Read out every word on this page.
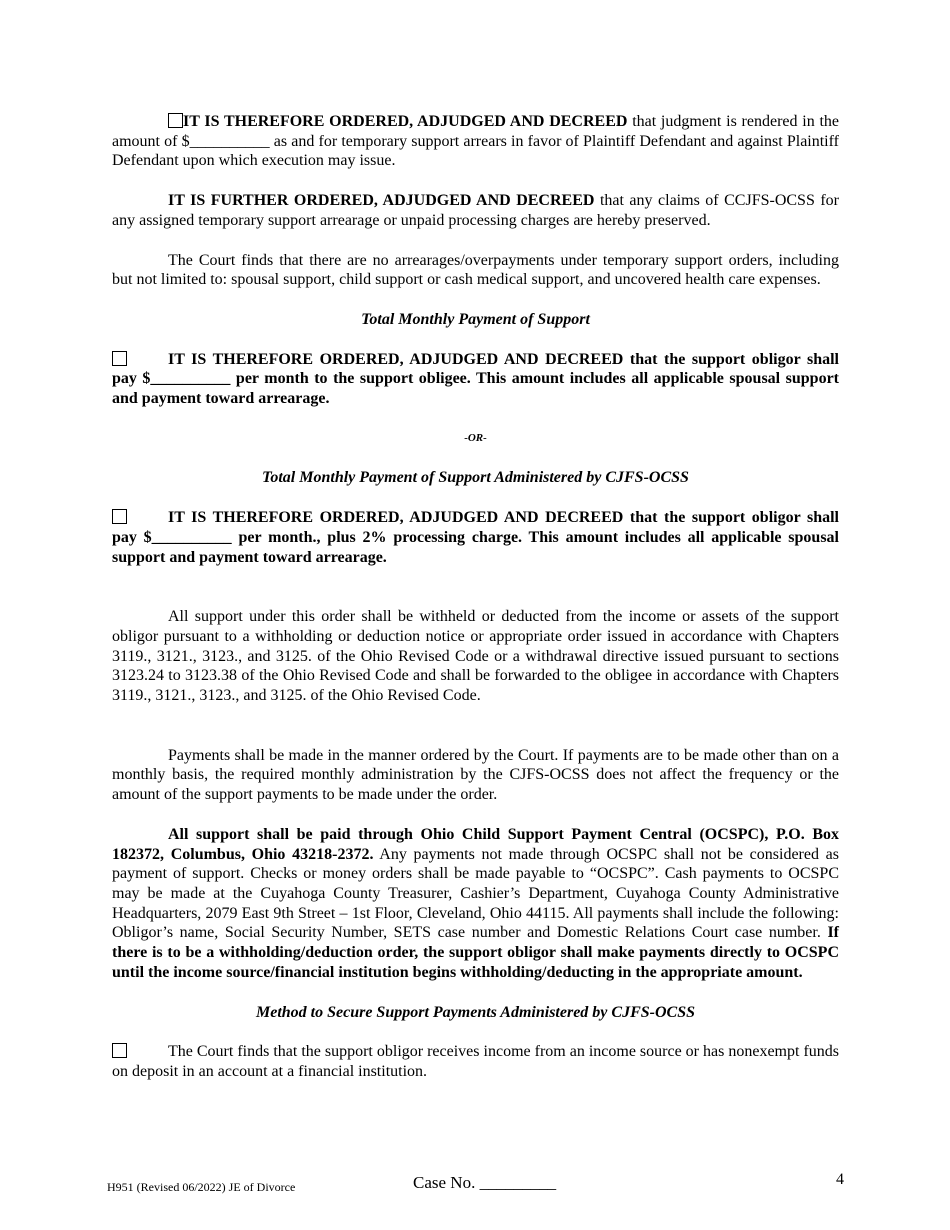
IT IS THEREFORE ORDERED, ADJUDGED AND DECREED that judgment is rendered in the amount of $__________ as and for temporary support arrears in favor of Plaintiff Defendant and against Plaintiff Defendant upon which execution may issue.

IT IS FURTHER ORDERED, ADJUDGED AND DECREED that any claims of CCJFS-OCSS for any assigned temporary support arrearage or unpaid processing charges are hereby preserved.

The Court finds that there are no arrearages/overpayments under temporary support orders, including but not limited to: spousal support, child support or cash medical support, and uncovered health care expenses.

Total Monthly Payment of Support

IT IS THEREFORE ORDERED, ADJUDGED AND DECREED that the support obligor shall pay $__________ per month to the support obligee. This amount includes all applicable spousal support and payment toward arrearage.

-OR-

Total Monthly Payment of Support Administered by CJFS-OCSS

IT IS THEREFORE ORDERED, ADJUDGED AND DECREED that the support obligor shall pay $__________ per month., plus 2% processing charge. This amount includes all applicable spousal support and payment toward arrearage.

All support under this order shall be withheld or deducted from the income or assets of the support obligor pursuant to a withholding or deduction notice or appropriate order issued in accordance with Chapters 3119., 3121., 3123., and 3125. of the Ohio Revised Code or a withdrawal directive issued pursuant to sections 3123.24 to 3123.38 of the Ohio Revised Code and shall be forwarded to the obligee in accordance with Chapters 3119., 3121., 3123., and 3125. of the Ohio Revised Code.

Payments shall be made in the manner ordered by the Court. If payments are to be made other than on a monthly basis, the required monthly administration by the CJFS-OCSS does not affect the frequency or the amount of the support payments to be made under the order.

All support shall be paid through Ohio Child Support Payment Central (OCSPC), P.O. Box 182372, Columbus, Ohio 43218-2372. Any payments not made through OCSPC shall not be considered as payment of support. Checks or money orders shall be made payable to “OCSPC”. Cash payments to OCSPC may be made at the Cuyahoga County Treasurer, Cashier’s Department, Cuyahoga County Administrative Headquarters, 2079 East 9th Street – 1st Floor, Cleveland, Ohio 44115. All payments shall include the following: Obligor’s name, Social Security Number, SETS case number and Domestic Relations Court case number. If there is to be a withholding/deduction order, the support obligor shall make payments directly to OCSPC until the income source/financial institution begins withholding/deducting in the appropriate amount.

Method to Secure Support Payments Administered by CJFS-OCSS

The Court finds that the support obligor receives income from an income source or has nonexempt funds on deposit in an account at a financial institution.

H951 (Revised 06/2022) JE of Divorce	Case No. _________	4
